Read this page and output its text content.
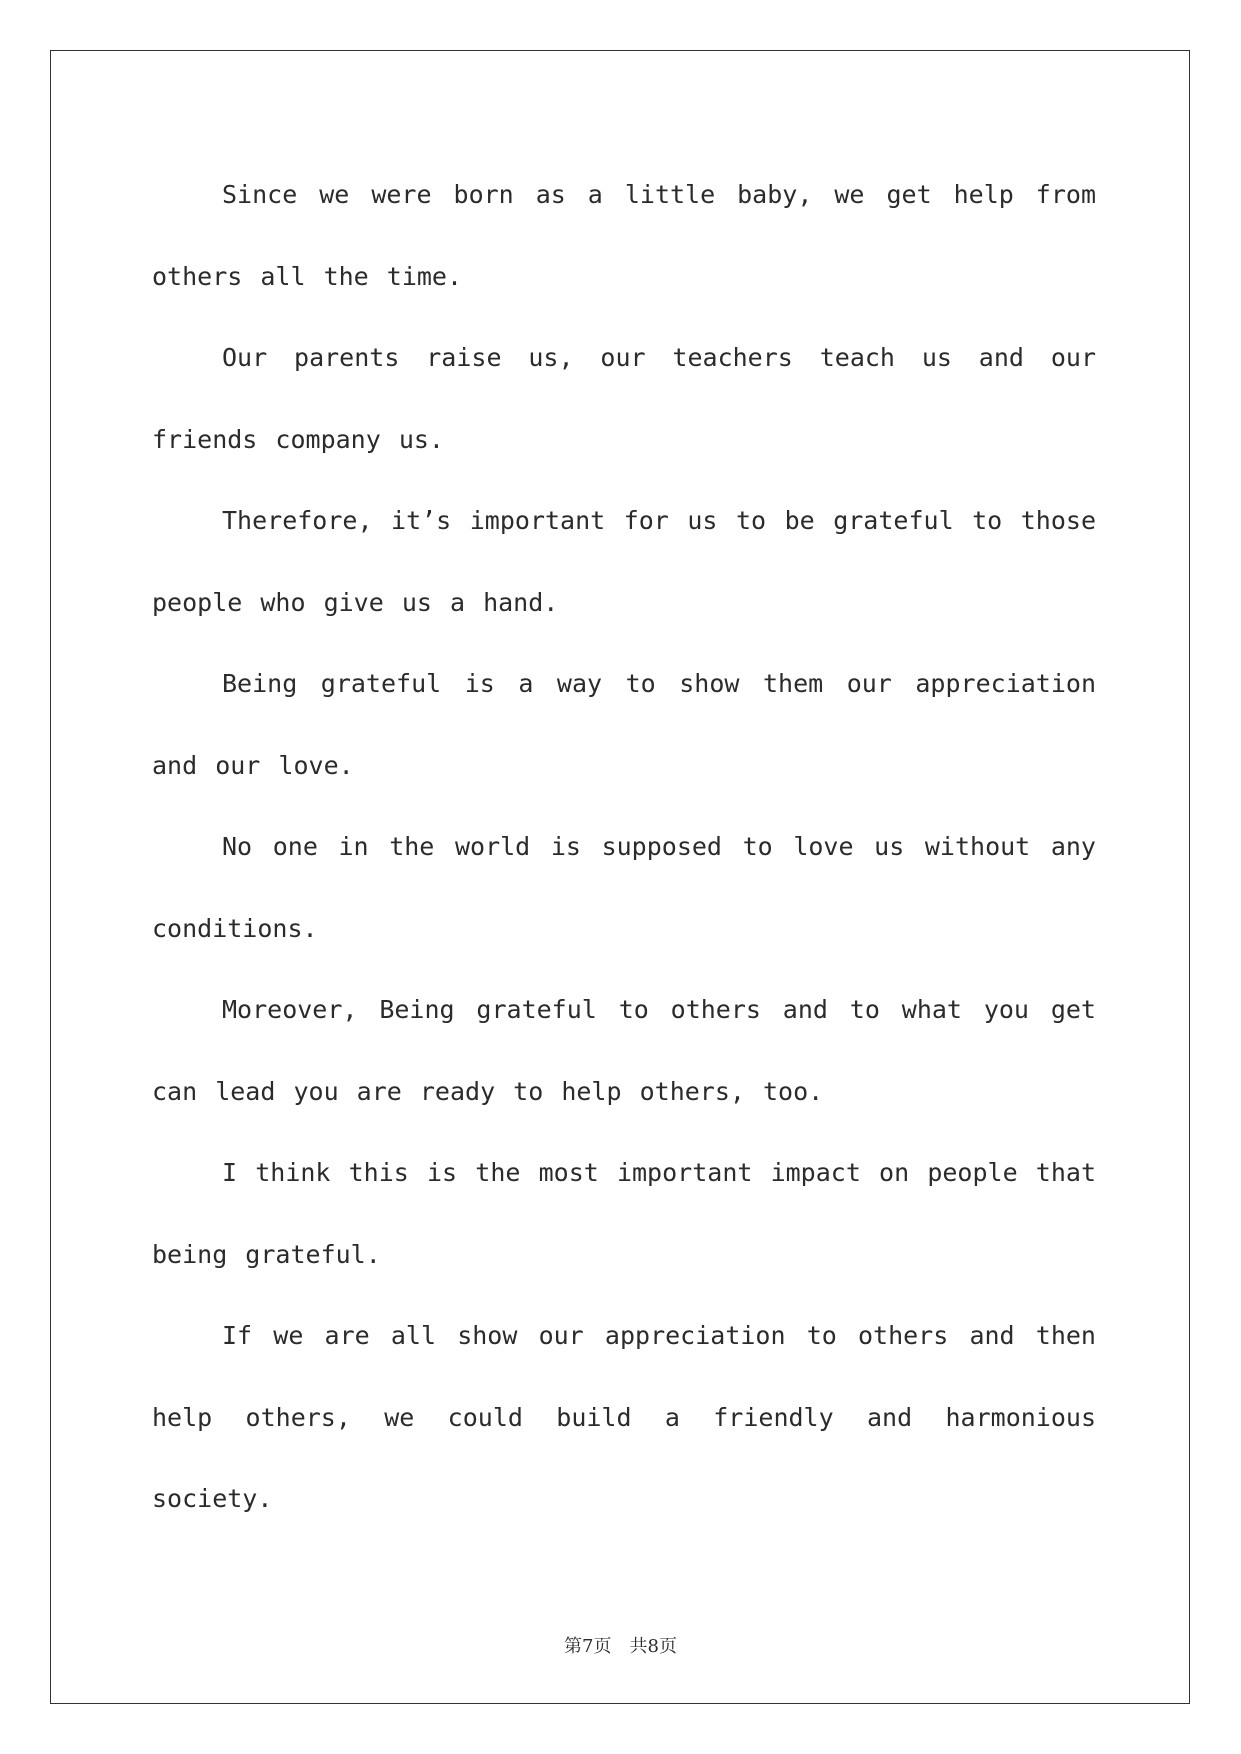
Since we were born as a little baby, we get help from others all the time.

Our parents raise us, our teachers teach us and our friends company us.

Therefore, it’s important for us to be grateful to those people who give us a hand.

Being grateful is a way to show them our appreciation and our love.

No one in the world is supposed to love us without any conditions.

Moreover, Being grateful to others and to what you get can lead you are ready to help others, too.

I think this is the most important impact on people that being grateful.

If we are all show our appreciation to others and then help others, we could build a friendly and harmonious society.

第7页　共8页
